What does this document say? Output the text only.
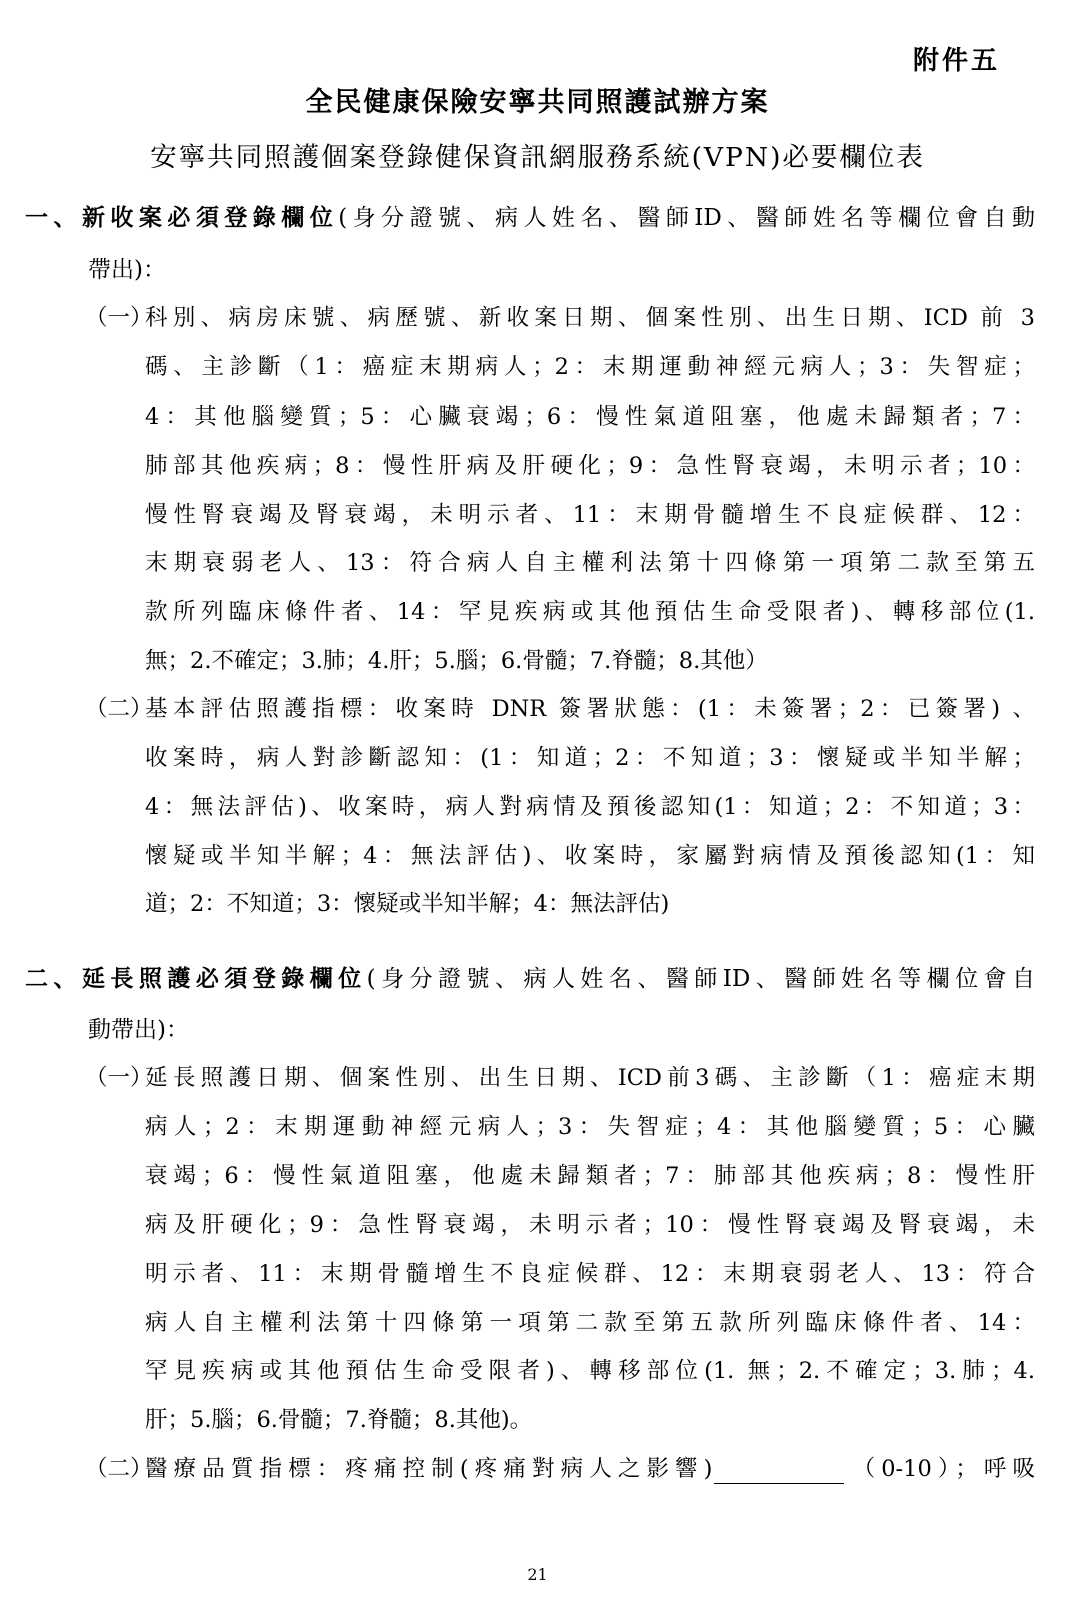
附件五
全民健康保險安寧共同照護試辦方案
安寧共同照護個案登錄健保資訊網服務系統(VPN)必要欄位表
一、新收案必須登錄欄位(身分證號、病人姓名、醫師ID、醫師姓名等欄位會自動
帶出)：
（一）
科別、病房床號、病歷號、新收案日期、個案性別、出生日期、ICD 前 3
碼、主診斷（1：癌症末期病人；2：末期運動神經元病人；3：失智症；
4：其他腦變質；5：心臟衰竭；6：慢性氣道阻塞，他處未歸類者；7：
肺部其他疾病；8：慢性肝病及肝硬化；9：急性腎衰竭，未明示者；10：
慢性腎衰竭及腎衰竭，未明示者、11：末期骨髓增生不良症候群、12：
末期衰弱老人、13：符合病人自主權利法第十四條第一項第二款至第五
款所列臨床條件者、14：罕見疾病或其他預估生命受限者)、轉移部位(1.
無；2.不確定；3.肺；4.肝；5.腦；6.骨髓；7.脊髓；8.其他）
（二）
基本評估照護指標：收案時 DNR 簽署狀態：(1：未簽署；2：已簽署) 、
收案時，病人對診斷認知：(1：知道；2：不知道；3：懷疑或半知半解；
4：無法評估)、收案時，病人對病情及預後認知(1：知道；2：不知道；3：
懷疑或半知半解；4：無法評估)、收案時，家屬對病情及預後認知(1：知
道；2：不知道；3：懷疑或半知半解；4：無法評估)
二、延長照護必須登錄欄位(身分證號、病人姓名、醫師ID、醫師姓名等欄位會自
動帶出)：
（一）
延長照護日期、個案性別、出生日期、ICD前3碼、主診斷（1：癌症末期
病人；2：末期運動神經元病人；3：失智症；4：其他腦變質；5：心臟
衰竭；6：慢性氣道阻塞，他處未歸類者；7：肺部其他疾病；8：慢性肝
病及肝硬化；9：急性腎衰竭，未明示者；10：慢性腎衰竭及腎衰竭，未
明示者、11：末期骨髓增生不良症候群、12：末期衰弱老人、13：符合
病人自主權利法第十四條第一項第二款至第五款所列臨床條件者、14：
罕見疾病或其他預估生命受限者)、轉移部位(1. 無；2.不確定；3.肺；4.
肝；5.腦；6.骨髓；7.脊髓；8.其他)。
（二）
醫療品質指標：疼痛控制(疼痛對病人之影響)	（0-10）；呼吸
21
